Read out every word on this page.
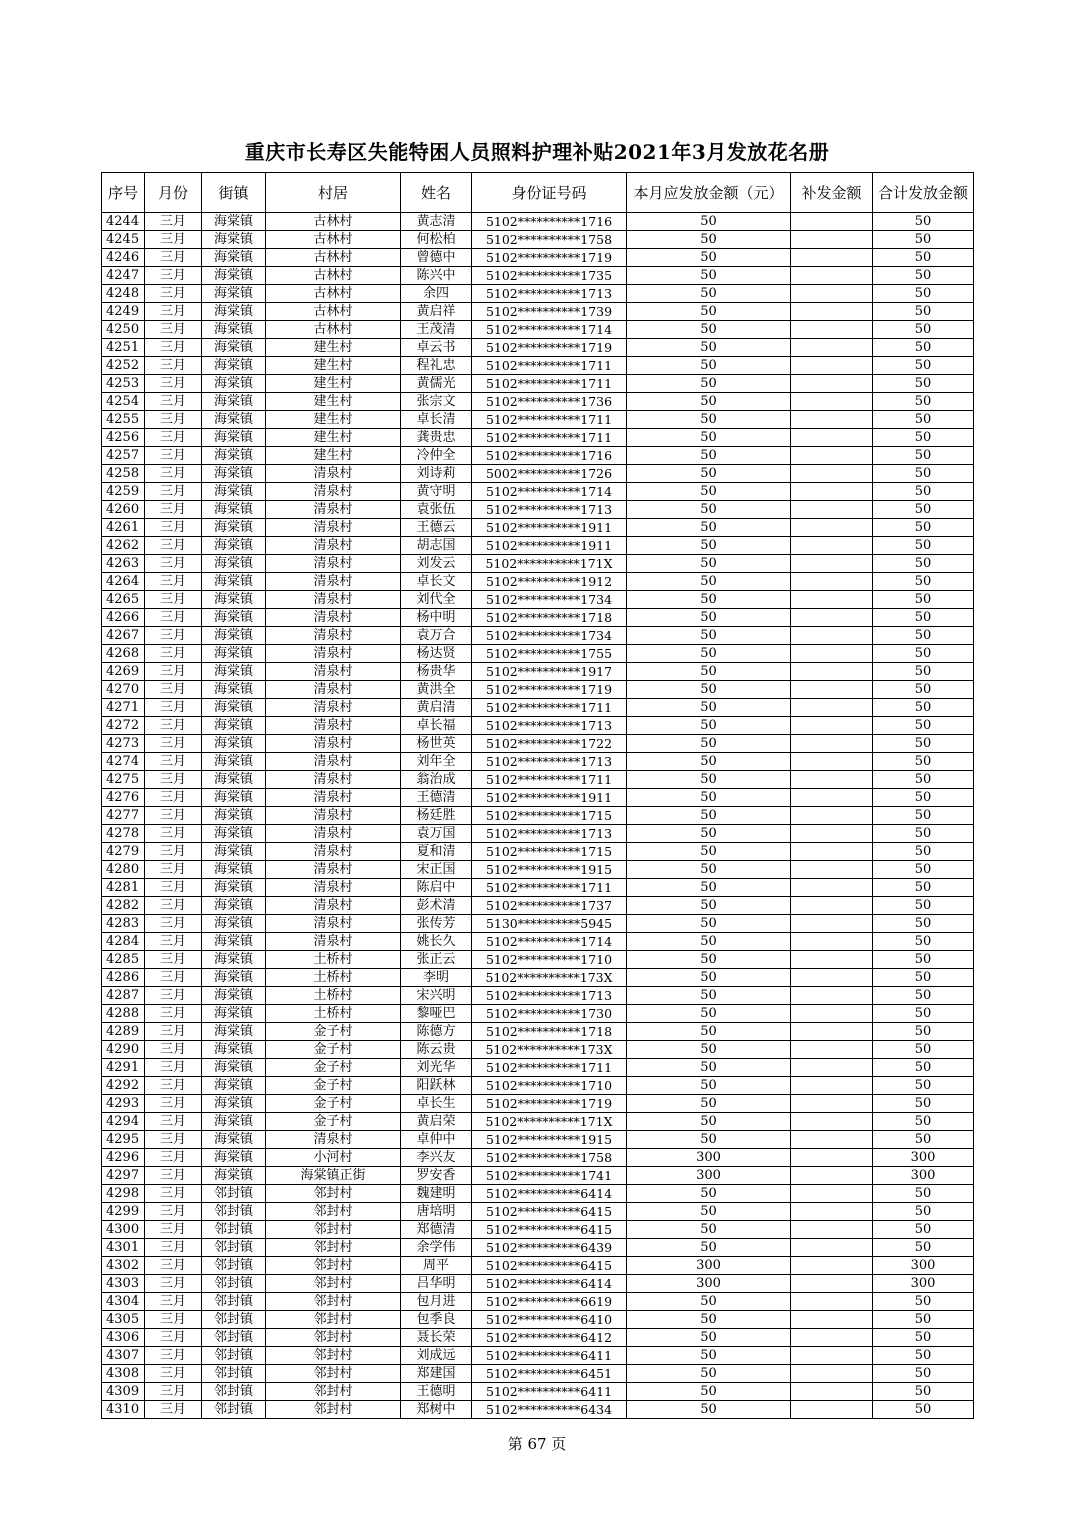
重庆市长寿区失能特困人员照料护理补贴2021年3月发放花名册
序号	月份	街镇	村居	姓名	身份证号码	本月应发放金额（元）	补发金额	合计发放金额
4244	三月	海棠镇	古林村	黄志清	5102**********1716	50		50
4245	三月	海棠镇	古林村	何松柏	5102**********1758	50		50
4246	三月	海棠镇	古林村	曾德中	5102**********1719	50		50
4247	三月	海棠镇	古林村	陈兴中	5102**********1735	50		50
4248	三月	海棠镇	古林村	余四	5102**********1713	50		50
4249	三月	海棠镇	古林村	黄启祥	5102**********1739	50		50
4250	三月	海棠镇	古林村	王茂清	5102**********1714	50		50
4251	三月	海棠镇	建生村	卓云书	5102**********1719	50		50
4252	三月	海棠镇	建生村	程礼忠	5102**********1711	50		50
4253	三月	海棠镇	建生村	黄儒光	5102**********1711	50		50
4254	三月	海棠镇	建生村	张宗文	5102**********1736	50		50
4255	三月	海棠镇	建生村	卓长清	5102**********1711	50		50
4256	三月	海棠镇	建生村	龚贵忠	5102**********1711	50		50
4257	三月	海棠镇	建生村	冷仲全	5102**********1716	50		50
4258	三月	海棠镇	清泉村	刘诗莉	5002**********1726	50		50
4259	三月	海棠镇	清泉村	黄守明	5102**********1714	50		50
4260	三月	海棠镇	清泉村	袁张伍	5102**********1713	50		50
4261	三月	海棠镇	清泉村	王德云	5102**********1911	50		50
4262	三月	海棠镇	清泉村	胡志国	5102**********1911	50		50
4263	三月	海棠镇	清泉村	刘发云	5102**********171X	50		50
4264	三月	海棠镇	清泉村	卓长文	5102**********1912	50		50
4265	三月	海棠镇	清泉村	刘代全	5102**********1734	50		50
4266	三月	海棠镇	清泉村	杨中明	5102**********1718	50		50
4267	三月	海棠镇	清泉村	袁万合	5102**********1734	50		50
4268	三月	海棠镇	清泉村	杨达贤	5102**********1755	50		50
4269	三月	海棠镇	清泉村	杨贵华	5102**********1917	50		50
4270	三月	海棠镇	清泉村	黄洪全	5102**********1719	50		50
4271	三月	海棠镇	清泉村	黄启清	5102**********1711	50		50
4272	三月	海棠镇	清泉村	卓长福	5102**********1713	50		50
4273	三月	海棠镇	清泉村	杨世英	5102**********1722	50		50
4274	三月	海棠镇	清泉村	刘年全	5102**********1713	50		50
4275	三月	海棠镇	清泉村	翁治成	5102**********1711	50		50
4276	三月	海棠镇	清泉村	王德清	5102**********1911	50		50
4277	三月	海棠镇	清泉村	杨廷胜	5102**********1715	50		50
4278	三月	海棠镇	清泉村	袁万国	5102**********1713	50		50
4279	三月	海棠镇	清泉村	夏和清	5102**********1715	50		50
4280	三月	海棠镇	清泉村	宋正国	5102**********1915	50		50
4281	三月	海棠镇	清泉村	陈启中	5102**********1711	50		50
4282	三月	海棠镇	清泉村	彭术清	5102**********1737	50		50
4283	三月	海棠镇	清泉村	张传芳	5130**********5945	50		50
4284	三月	海棠镇	清泉村	姚长久	5102**********1714	50		50
4285	三月	海棠镇	土桥村	张正云	5102**********1710	50		50
4286	三月	海棠镇	土桥村	李明	5102**********173X	50		50
4287	三月	海棠镇	土桥村	宋兴明	5102**********1713	50		50
4288	三月	海棠镇	土桥村	黎哑巴	5102**********1730	50		50
4289	三月	海棠镇	金子村	陈德方	5102**********1718	50		50
4290	三月	海棠镇	金子村	陈云贵	5102**********173X	50		50
4291	三月	海棠镇	金子村	刘光华	5102**********1711	50		50
4292	三月	海棠镇	金子村	阳跃林	5102**********1710	50		50
4293	三月	海棠镇	金子村	卓长生	5102**********1719	50		50
4294	三月	海棠镇	金子村	黄启荣	5102**********171X	50		50
4295	三月	海棠镇	清泉村	卓仲中	5102**********1915	50		50
4296	三月	海棠镇	小河村	李兴友	5102**********1758	300		300
4297	三月	海棠镇	海棠镇正街	罗安香	5102**********1741	300		300
4298	三月	邻封镇	邻封村	魏建明	5102**********6414	50		50
4299	三月	邻封镇	邻封村	唐培明	5102**********6415	50		50
4300	三月	邻封镇	邻封村	郑德清	5102**********6415	50		50
4301	三月	邻封镇	邻封村	余学伟	5102**********6439	50		50
4302	三月	邻封镇	邻封村	周平	5102**********6415	300		300
4303	三月	邻封镇	邻封村	吕华明	5102**********6414	300		300
4304	三月	邻封镇	邻封村	包月进	5102**********6619	50		50
4305	三月	邻封镇	邻封村	包季良	5102**********6410	50		50
4306	三月	邻封镇	邻封村	聂长荣	5102**********6412	50		50
4307	三月	邻封镇	邻封村	刘成远	5102**********6411	50		50
4308	三月	邻封镇	邻封村	郑建国	5102**********6451	50		50
4309	三月	邻封镇	邻封村	王德明	5102**********6411	50		50
4310	三月	邻封镇	邻封村	郑树中	5102**********6434	50		50
第 67 页
